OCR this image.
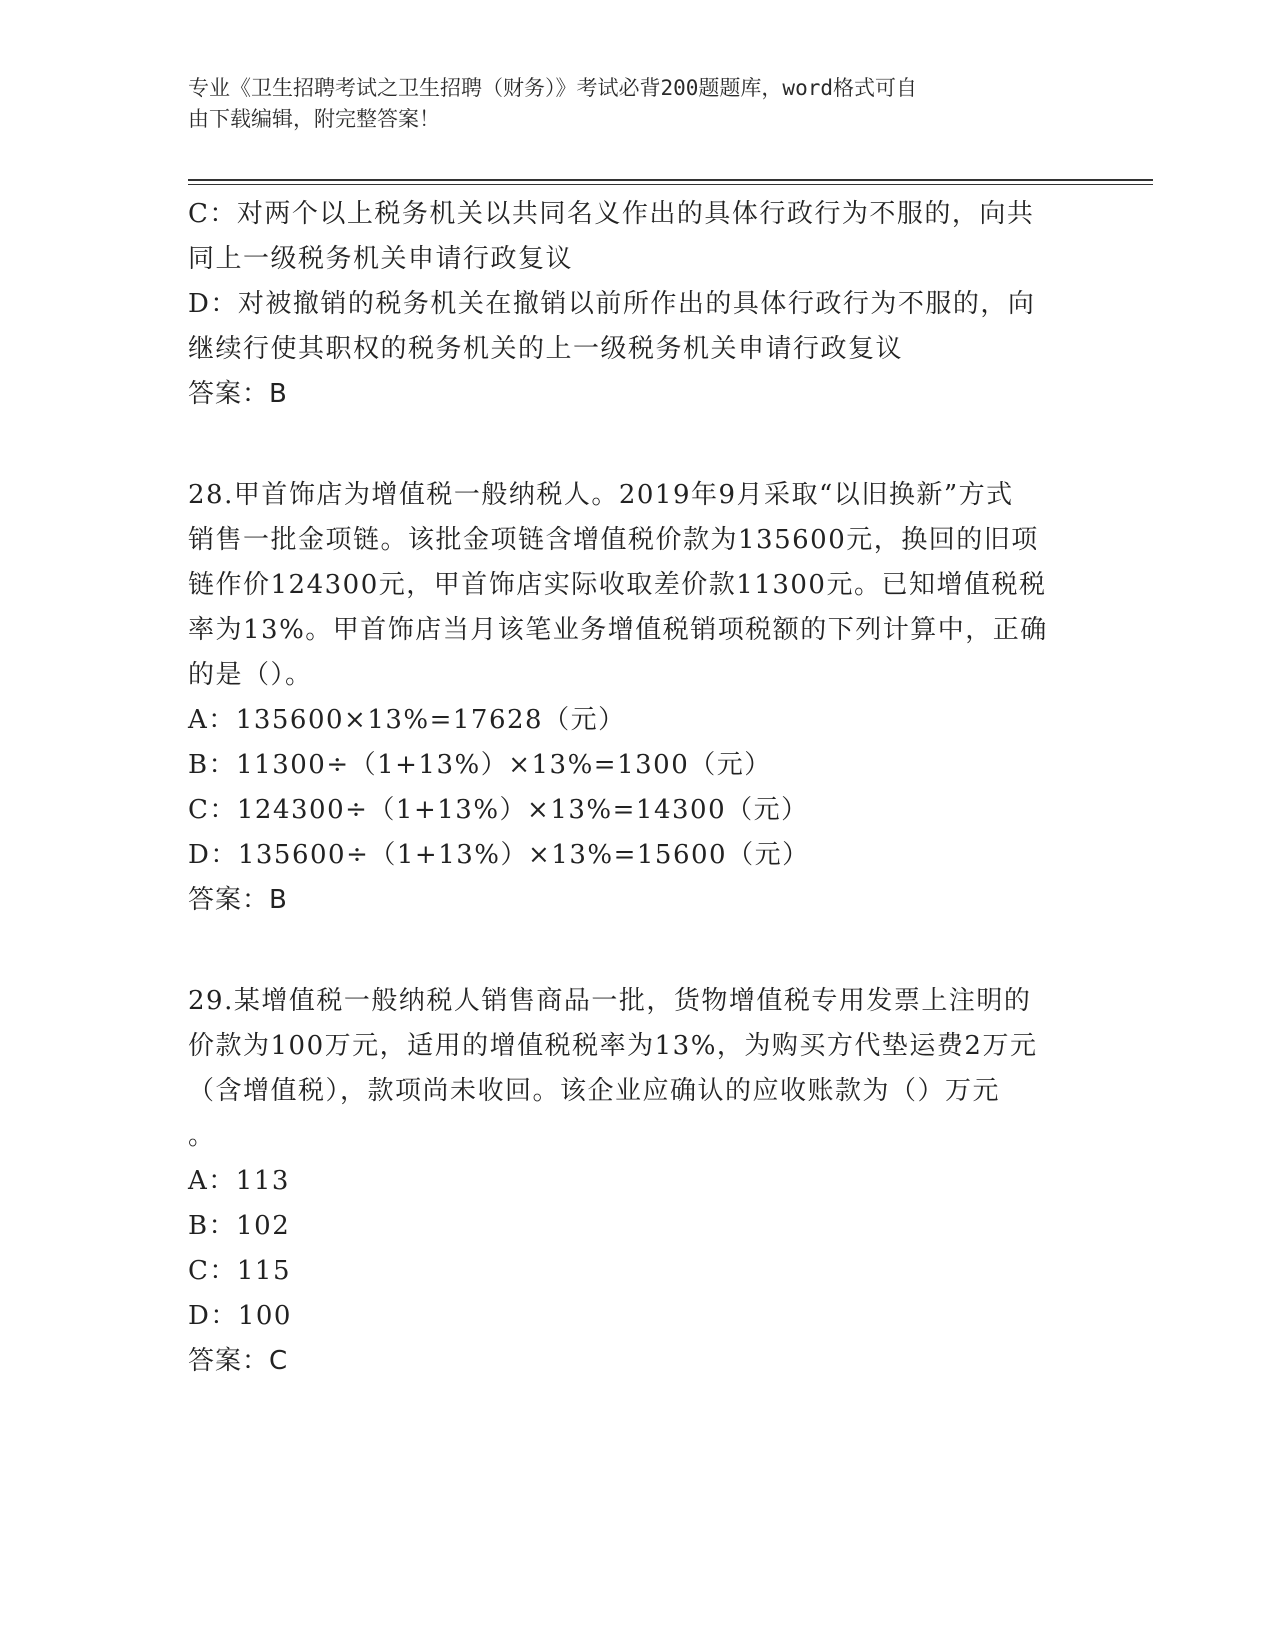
专业《卫生招聘考试之卫生招聘（财务）》考试必背200题题库，word格式可自
由下载编辑，附完整答案！
C：对两个以上税务机关以共同名义作出的具体行政行为不服的，向共
同上一级税务机关申请行政复议
D：对被撤销的税务机关在撤销以前所作出的具体行政行为不服的，向
继续行使其职权的税务机关的上一级税务机关申请行政复议
答案：B
28.甲首饰店为增值税一般纳税人。2019年9月采取“以旧换新”方式
销售一批金项链。该批金项链含增值税价款为135600元，换回的旧项
链作价124300元，甲首饰店实际收取差价款11300元。已知增值税税
率为13%。甲首饰店当月该笔业务增值税销项税额的下列计算中，正确
的是（）。
A：135600×13%=17628（元）
B：11300÷（1+13%）×13%=1300（元）
C：124300÷（1+13%）×13%=14300（元）
D：135600÷（1+13%）×13%=15600（元）
答案：B
29.某增值税一般纳税人销售商品一批，货物增值税专用发票上注明的
价款为100万元，适用的增值税税率为13%，为购买方代垫运费2万元
（含增值税），款项尚未收回。该企业应确认的应收账款为（）万元
。
A：113
B：102
C：115
D：100
答案：C
